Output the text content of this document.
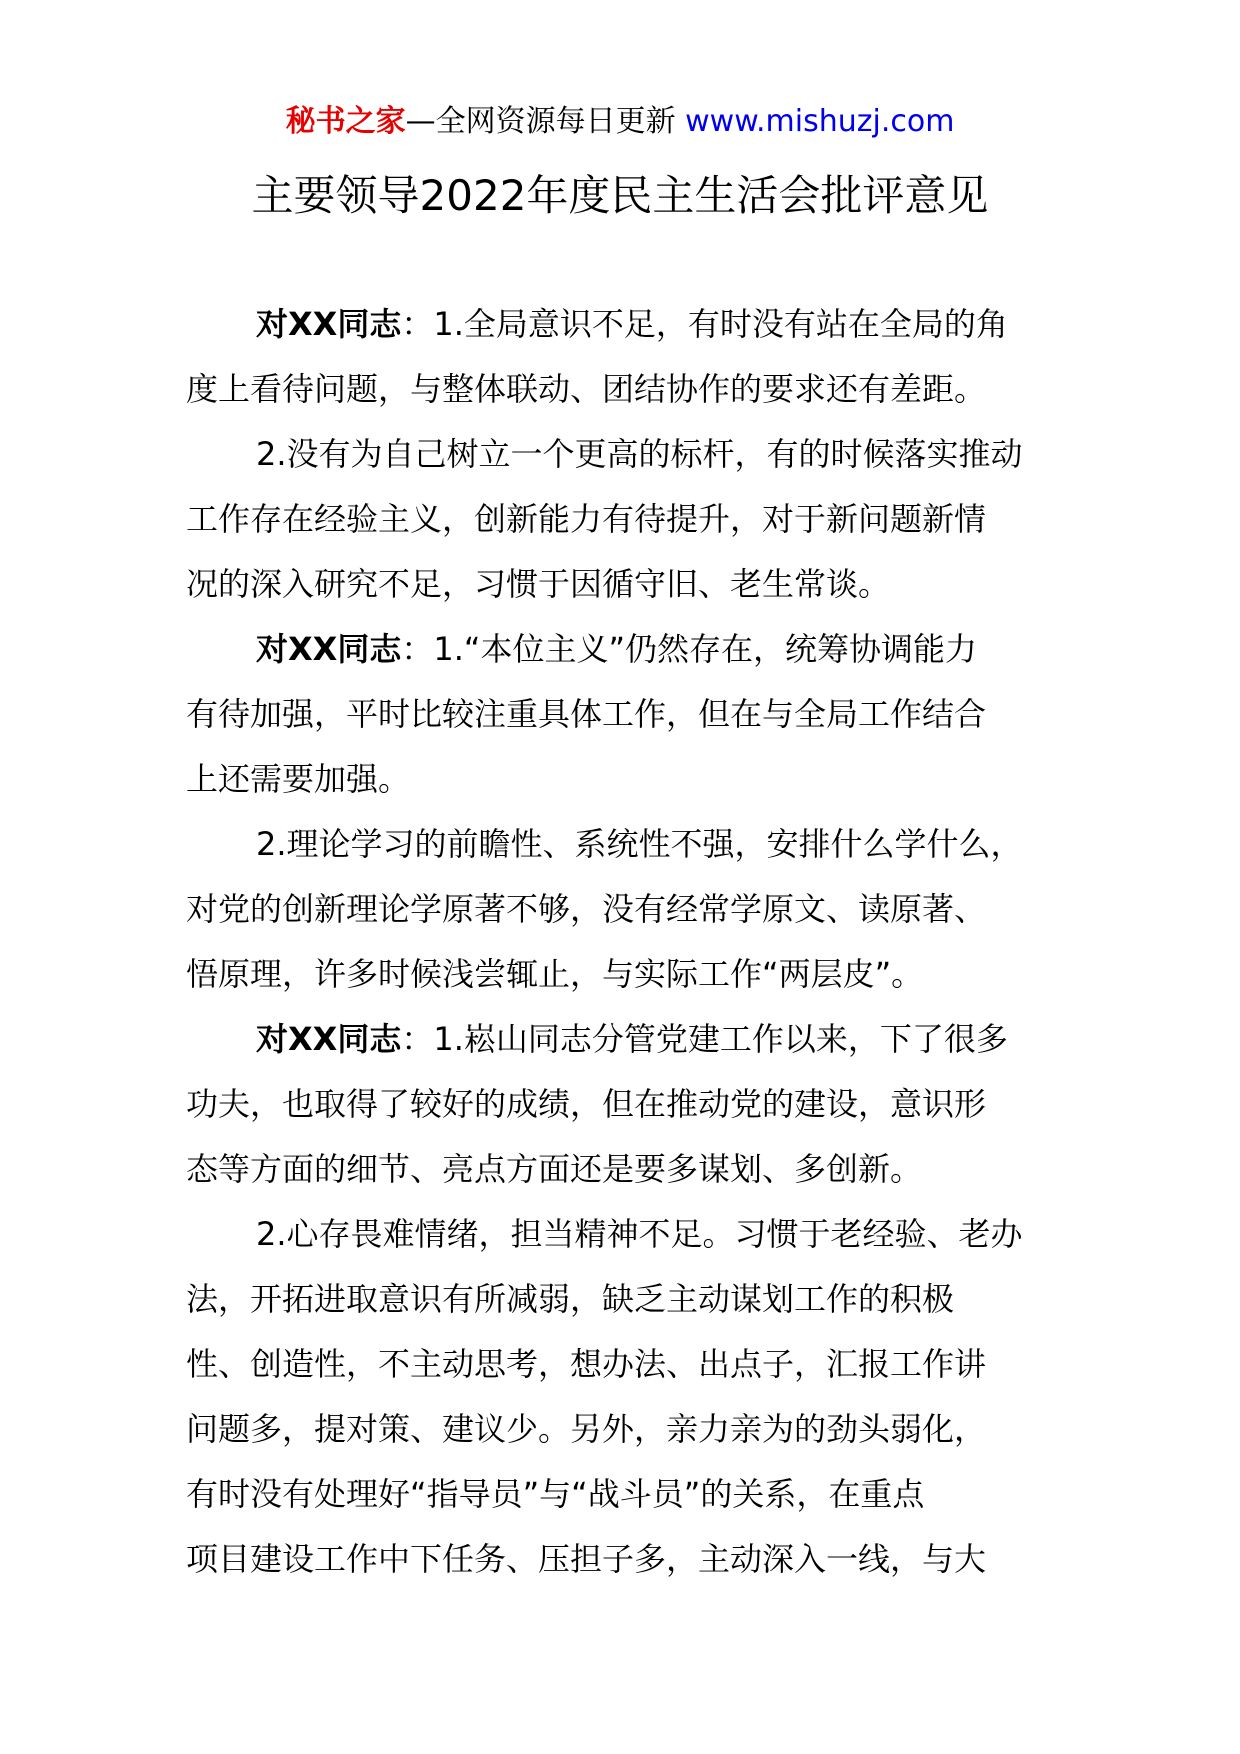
秘书之家—全网资源每日更新 www.mishuzj.com
主要领导2022年度民主生活会批评意见
对XX同志：1.全局意识不足，有时没有站在全局的角
度上看待问题，与整体联动、团结协作的要求还有差距。
2.没有为自己树立一个更高的标杆，有的时候落实推动
工作存在经验主义，创新能力有待提升，对于新问题新情
况的深入研究不足，习惯于因循守旧、老生常谈。
对XX同志：1.“本位主义”仍然存在，统筹协调能力
有待加强，平时比较注重具体工作，但在与全局工作结合
上还需要加强。
2.理论学习的前瞻性、系统性不强，安排什么学什么，
对党的创新理论学原著不够，没有经常学原文、读原著、
悟原理，许多时候浅尝辄止，与实际工作“两层皮”。
对XX同志：1.崧山同志分管党建工作以来，下了很多
功夫，也取得了较好的成绩，但在推动党的建设，意识形
态等方面的细节、亮点方面还是要多谋划、多创新。
2.心存畏难情绪，担当精神不足。习惯于老经验、老办
法，开拓进取意识有所减弱，缺乏主动谋划工作的积极
性、创造性，不主动思考，想办法、出点子，汇报工作讲
问题多，提对策、建议少。另外，亲力亲为的劲头弱化，
有时没有处理好“指导员”与“战斗员”的关系，在重点
项目建设工作中下任务、压担子多，主动深入一线，与大
